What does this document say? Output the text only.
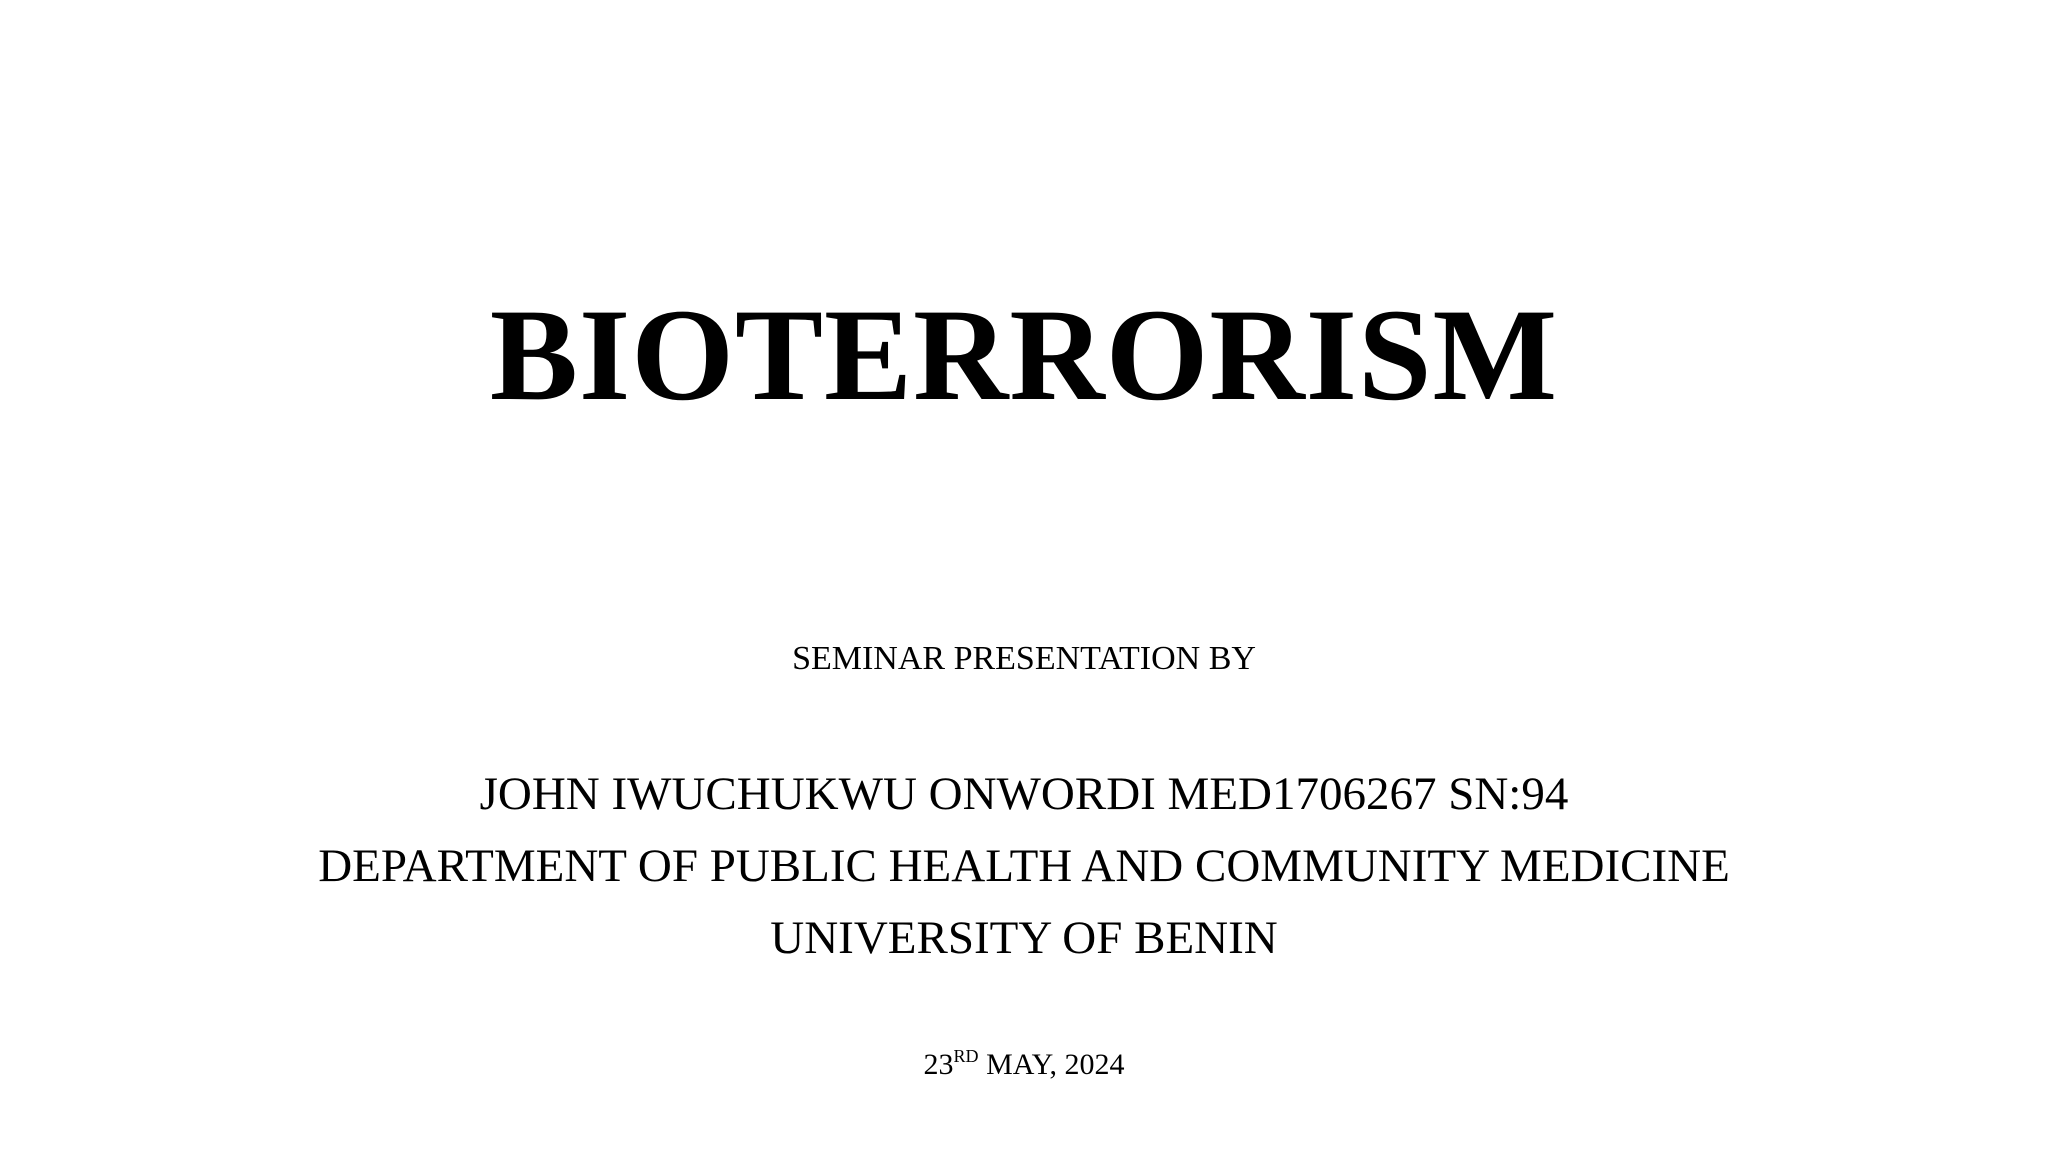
BIOTERRORISM
SEMINAR PRESENTATION BY
JOHN IWUCHUKWU ONWORDI MED1706267 SN:94
DEPARTMENT OF PUBLIC HEALTH AND COMMUNITY MEDICINE
UNIVERSITY OF BENIN
23RD MAY, 2024
